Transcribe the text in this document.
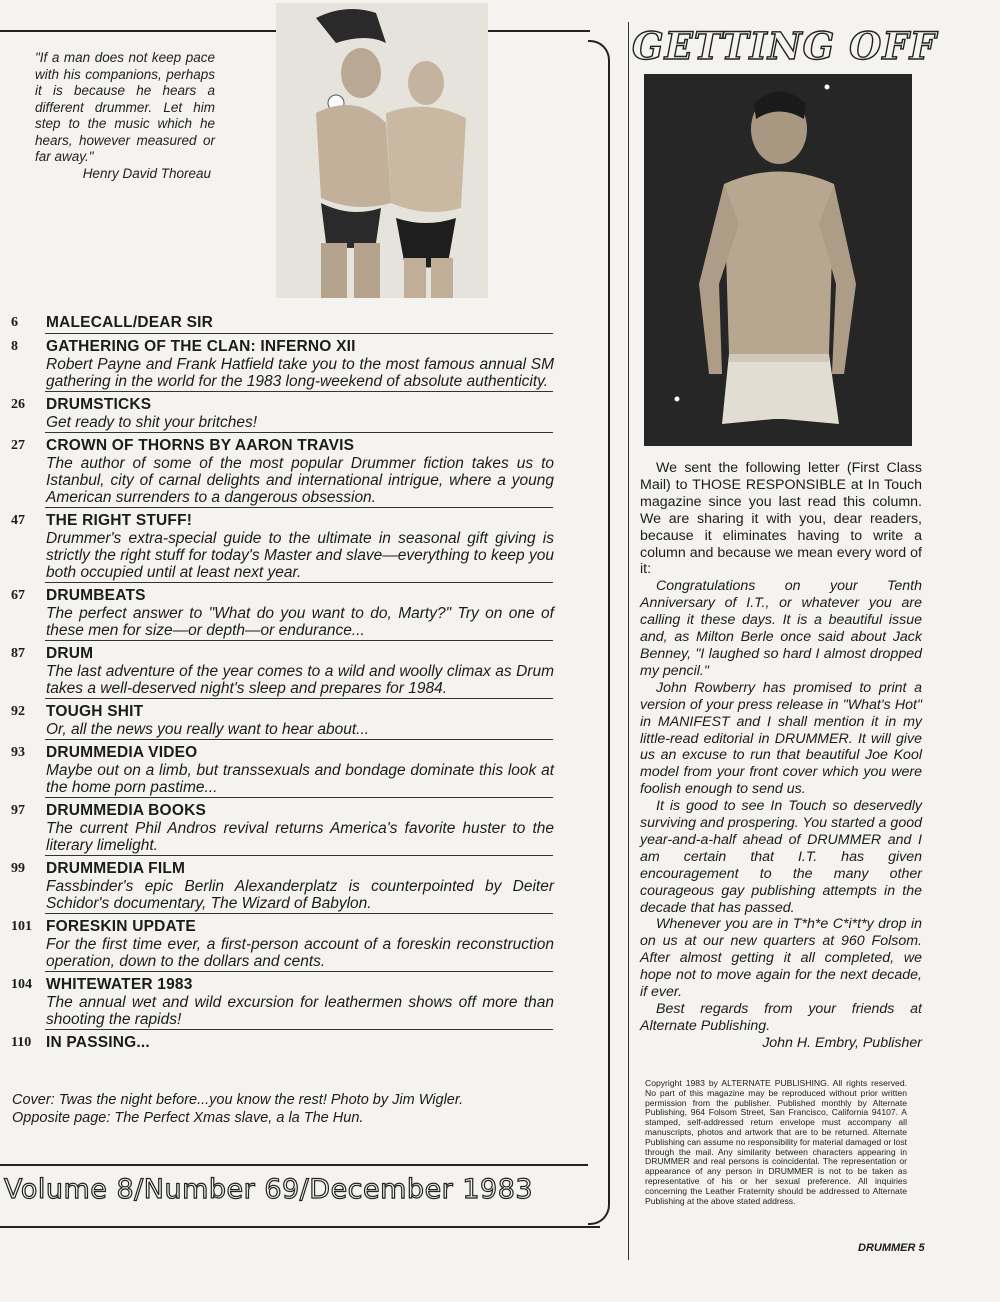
"If a man does not keep pace with his companions, perhaps it is because he hears a different drummer. Let him step to the music which he hears, however measured or far away."
Henry David Thoreau
6 MALECALL/DEAR SIR
8 GATHERING OF THE CLAN: INFERNO XII
Robert Payne and Frank Hatfield take you to the most famous annual SM gathering in the world for the 1983 long-weekend of absolute authenticity.
26 DRUMSTICKS
Get ready to shit your britches!
27 CROWN OF THORNS BY AARON TRAVIS
The author of some of the most popular Drummer fiction takes us to Istanbul, city of carnal delights and international intrigue, where a young American surrenders to a dangerous obsession.
47 THE RIGHT STUFF!
Drummer's extra-special guide to the ultimate in seasonal gift giving is strictly the right stuff for today's Master and slave—everything to keep you both occupied until at least next year.
67 DRUMBEATS
The perfect answer to "What do you want to do, Marty?" Try on one of these men for size—or depth—or endurance...
87 DRUM
The last adventure of the year comes to a wild and woolly climax as Drum takes a well-deserved night's sleep and prepares for 1984.
92 TOUGH SHIT
Or, all the news you really want to hear about...
93 DRUMMEDIA VIDEO
Maybe out on a limb, but transsexuals and bondage dominate this look at the home porn pastime...
97 DRUMMEDIA BOOKS
The current Phil Andros revival returns America's favorite huster to the literary limelight.
99 DRUMMEDIA FILM
Fassbinder's epic Berlin Alexanderplatz is counterpointed by Deiter Schidor's documentary, The Wizard of Babylon.
101 FORESKIN UPDATE
For the first time ever, a first-person account of a foreskin reconstruction operation, down to the dollars and cents.
104 WHITEWATER 1983
The annual wet and wild excursion for leathermen shows off more than shooting the rapids!
110 IN PASSING...
Cover: Twas the night before...you know the rest! Photo by Jim Wigler.
Opposite page: The Perfect Xmas slave, a la The Hun.
Volume 8/Number 69/December 1983
GETTING OFF

We sent the following letter (First Class Mail) to THOSE RESPONSIBLE at In Touch magazine since you last read this column. We are sharing it with you, dear readers, because it eliminates having to write a column and because we mean every word of it:

Congratulations on your Tenth Anniversary of I.T., or whatever you are calling it these days. It is a beautiful issue and, as Milton Berle once said about Jack Benney, "I laughed so hard I almost dropped my pencil."

John Rowberry has promised to print a version of your press release in "What's Hot" in MANIFEST and I shall mention it in my little-read editorial in DRUMMER. It will give us an excuse to run that beautiful Joe Kool model from your front cover which you were foolish enough to send us.

It is good to see In Touch so deservedly surviving and prospering. You started a good year-and-a-half ahead of DRUMMER and I am certain that I.T. has given encouragement to the many other courageous gay publishing attempts in the decade that has passed.

Whenever you are in T*h*e C*i*t*y drop in on us at our new quarters at 960 Folsom. After almost getting it all completed, we hope not to move again for the next decade, if ever.

Best regards from your friends at Alternate Publishing.

John H. Embry, Publisher

Copyright 1983 by ALTERNATE PUBLISHING. All rights reserved. No part of this magazine may be reproduced without prior written permission from the publisher. Published monthly by Alternate Publishing, 964 Folsom Street, San Francisco, California 94107. A stamped, self-addressed return envelope must accompany all manuscripts, photos and artwork that are to be returned. Alternate Publishing can assume no responsibility for material damaged or lost through the mail. Any similarity between characters appearing in DRUMMER and real persons is coincidental. The representation or appearance of any person in DRUMMER is not to be taken as representative of his or her sexual preference. All inquiries concerning the Leather Fraternity should be addressed to Alternate Publishing at the above stated address.
DRUMMER 5
